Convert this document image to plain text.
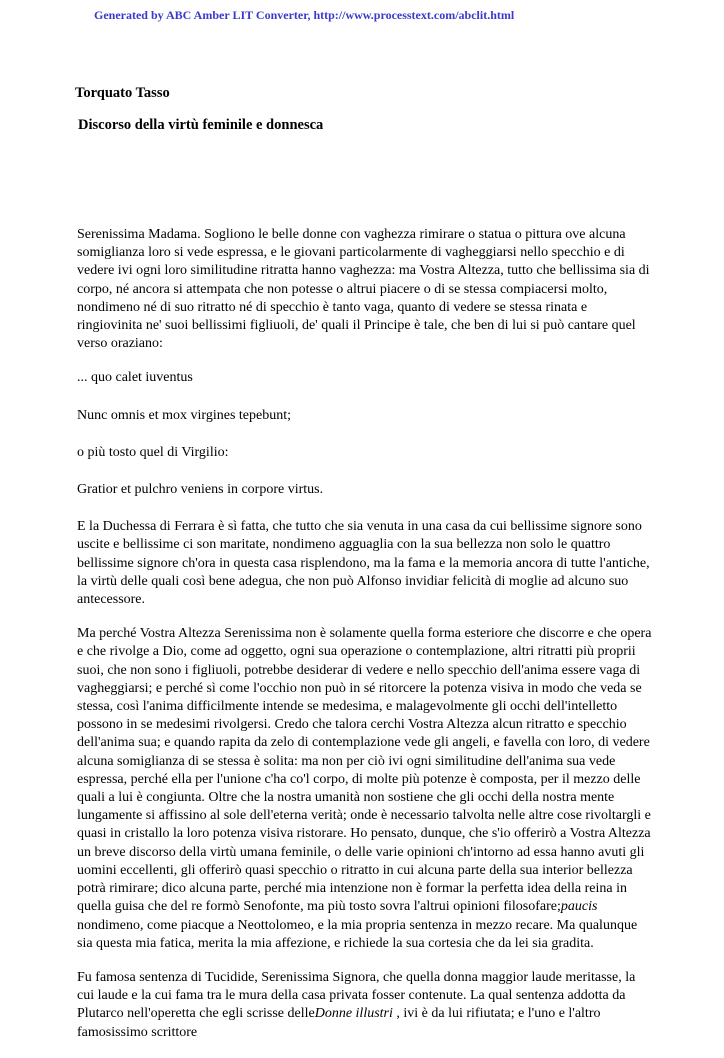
Generated by ABC Amber LIT Converter, http://www.processtext.com/abclit.html

Torquato Tasso

Discorso della virtù feminile e donnesca

Serenissima Madama. Sogliono le belle donne con vaghezza rimirare o statua o pittura ove alcuna somiglianza loro si vede espressa, e le giovani particolarmente di vagheggiarsi nello specchio e di vedere ivi ogni loro similitudine ritratta hanno vaghezza: ma Vostra Altezza, tutto che bellissima sia di corpo, né ancora si attempata che non potesse o altrui piacere o di se stessa compiacersi molto, nondimeno né di suo ritratto né di specchio è tanto vaga, quanto di vedere se stessa rinata e ringiovinita ne' suoi bellissimi figliuoli, de' quali il Principe è tale, che ben di lui si può cantare quel verso oraziano:

... quo calet iuventus

Nunc omnis et mox virgines tepebunt;

o più tosto quel di Virgilio:

Gratior et pulchro veniens in corpore virtus.

E la Duchessa di Ferrara è sì fatta, che tutto che sia venuta in una casa da cui bellissime signore sono uscite e bellissime ci son maritate, nondimeno agguaglia con la sua bellezza non solo le quattro bellissime signore ch'ora in questa casa risplendono, ma la fama e la memoria ancora di tutte l'antiche, la virtù delle quali così bene adegua, che non può Alfonso invidiar felicità di moglie ad alcuno suo antecessore.

Ma perché Vostra Altezza Serenissima non è solamente quella forma esteriore che discorre e che opera e che rivolge a Dio, come ad oggetto, ogni sua operazione o contemplazione, altri ritratti più proprii suoi, che non sono i figliuoli, potrebbe desiderar di vedere e nello specchio dell'anima essere vaga di vagheggiarsi; e perché sì come l'occhio non può in sé ritorcere la potenza visiva in modo che veda se stessa, così l'anima difficilmente intende se medesima, e malagevolmente gli occhi dell'intelletto possono in se medesimi rivolgersi. Credo che talora cerchi Vostra Altezza alcun ritratto e specchio dell'anima sua; e quando rapita da zelo di contemplazione vede gli angeli, e favella con loro, di vedere alcuna somiglianza di se stessa è solita: ma non per ciò ivi ogni similitudine dell'anima sua vede espressa, perché ella per l'unione c'ha co'l corpo, di molte più potenze è composta, per il mezzo delle quali a lui è congiunta. Oltre che la nostra umanità non sostiene che gli occhi della nostra mente lungamente si affissino al sole dell'eterna verità; onde è necessario talvolta nelle altre cose rivoltargli e quasi in cristallo la loro potenza visiva ristorare. Ho pensato, dunque, che s'io offerirò a Vostra Altezza un breve discorso della virtù umana feminile, o delle varie opinioni ch'intorno ad essa hanno avuti gli uomini eccellenti, gli offerirò quasi specchio o ritratto in cui alcuna parte della sua interior bellezza potrà rimirare; dico alcuna parte, perché mia intenzione non è formar la perfetta idea della reina in quella guisa che del re formò Senofonte, ma più tosto sovra l'altrui opinioni filosofare;paucis nondimeno, come piacque a Neottolomeo, e la mia propria sentenza in mezzo recare. Ma qualunque sia questa mia fatica, merita la mia affezione, e richiede la sua cortesia che da lei sia gradita.

Fu famosa sentenza di Tucidide, Serenissima Signora, che quella donna maggior laude meritasse, la cui laude e la cui fama tra le mura della casa privata fosser contenute. La qual sentenza addotta da Plutarco nell'operetta che egli scrisse delleDonne illustri , ivi è da lui rifiutata; e l'uno e l'altro famosissimo scrittore
